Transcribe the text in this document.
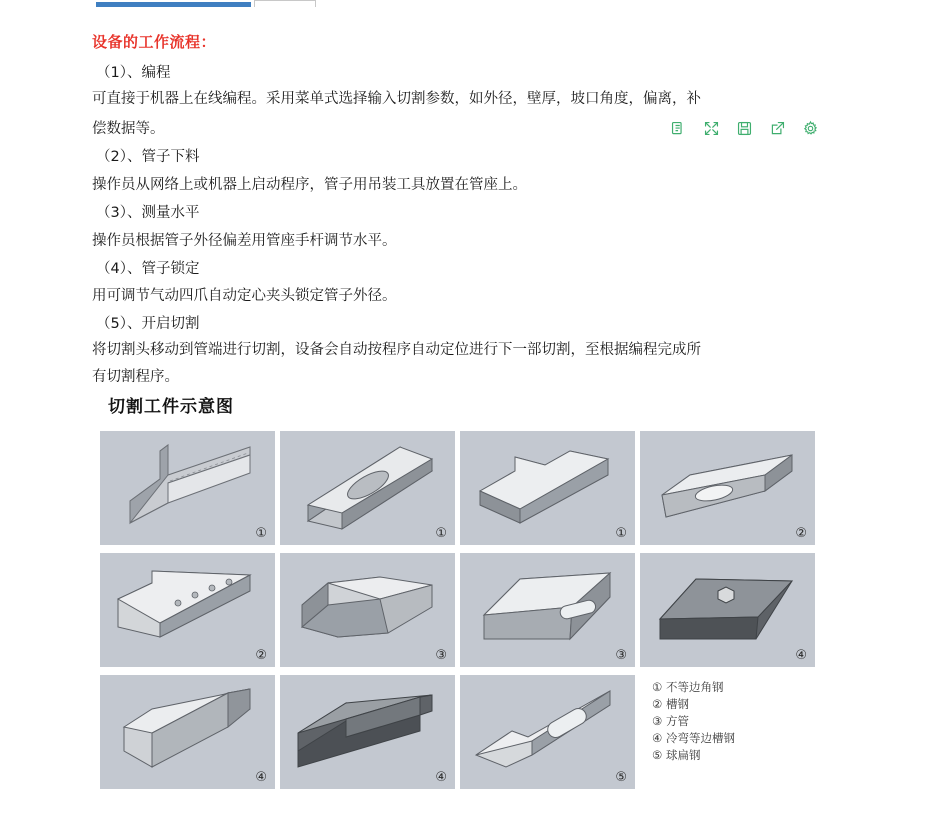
设备的工作流程：
（1）、编程
可直接于机器上在线编程。采用菜单式选择输入切割参数，如外径，壁厚，坡口角度，偏离，补
偿数据等。
（2）、管子下料
操作员从网络上或机器上启动程序，管子用吊装工具放置在管座上。
（3）、测量水平
操作员根据管子外径偏差用管座手杆调节水平。
（4）、管子锁定
用可调节气动四爪自动定心夹头锁定管子外径。
（5）、开启切割
将切割头移动到管端进行切割，设备会自动按程序自动定位进行下一部切割，至根据编程完成所
有切割程序。
切割工件示意图
①	①	①	②
②	③	③	④
④	④	⑤
① 不等边角钢
② 槽钢
③ 方管
④ 冷弯等边槽钢
⑤ 球扁钢
